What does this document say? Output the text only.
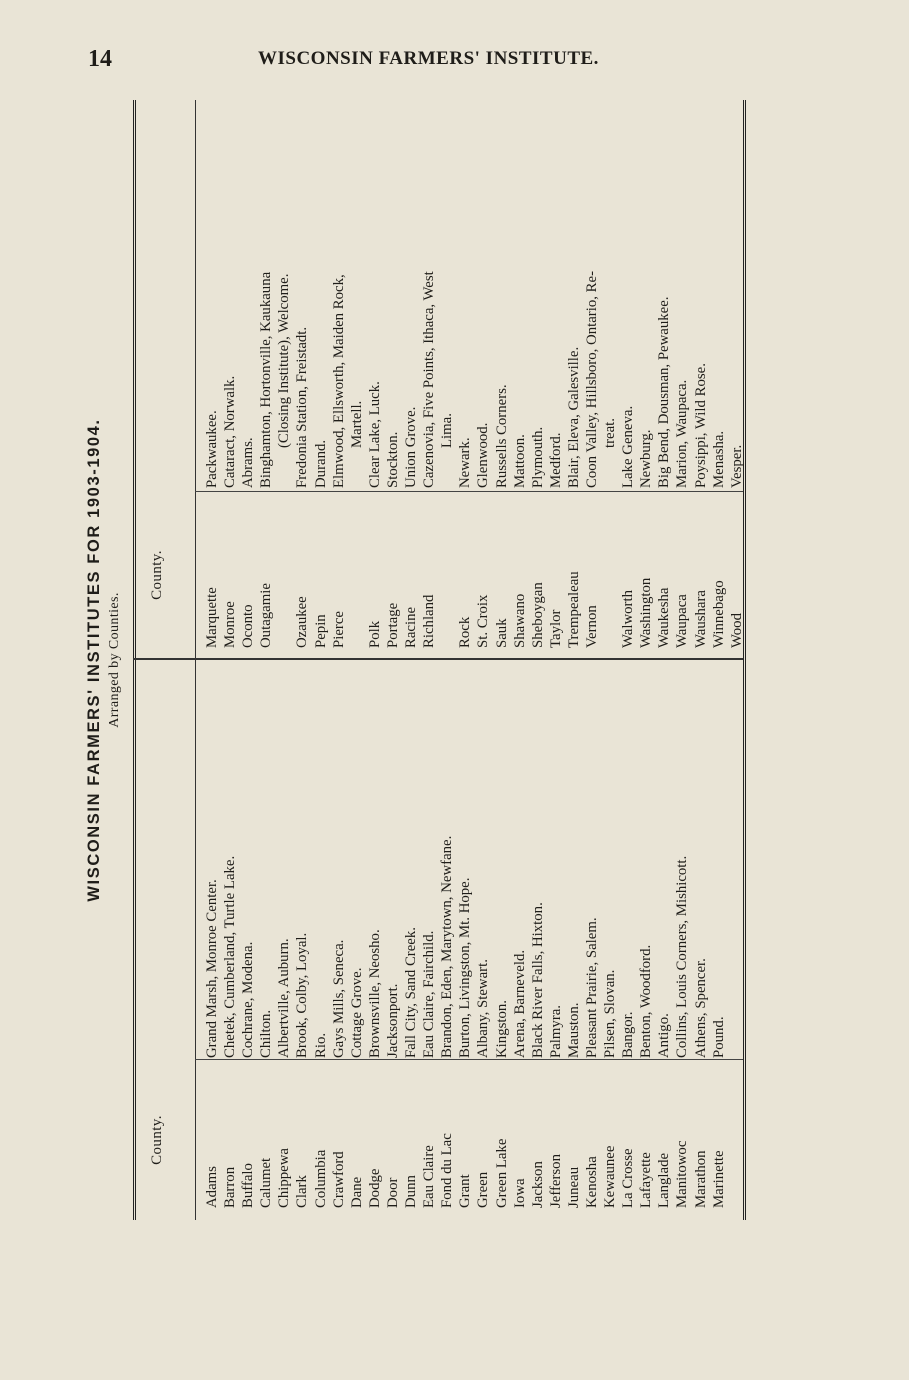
14	WISCONSIN FARMERS' INSTITUTE.
WISCONSIN FARMERS' INSTITUTES FOR 1903-1904. Arranged by Counties.
County.
County.
Adams
Grand Marsh, Monroe Center.
Barron
Chetek, Cumberland, Turtle Lake.
Buffalo
Cochrane, Modena.
Calumet
Chilton.
Chippewa
Albertville, Auburn.
Clark
Brook, Colby, Loyal.
Columbia
Rio.
Crawford
Gays Mills, Seneca.
Dane
Cottage Grove.
Dodge
Brownsville, Neosho.
Door
Jacksonport.
Dunn
Fall City, Sand Creek.
Eau Claire
Eau Claire, Fairchild.
Fond du Lac
Brandon, Eden, Marytown, Newfane.
Grant
Burton, Livingston, Mt. Hope.
Green
Albany, Stewart.
Green Lake
Kingston.
Iowa
Arena, Barneveld.
Jackson
Black River Falls, Hixton.
Jefferson
Palmyra.
Juneau
Mauston.
Kenosha
Pleasant Prairie, Salem.
Kewaunee
Pilsen, Slovan.
La Crosse
Bangor.
Lafayette
Benton, Woodford.
Langlade
Antigo.
Manitowoc
Collins, Louis Corners, Mishicott.
Marathon
Athens, Spencer.
Marinette
Pound.
Marquette
Packwaukee.
Monroe
Cataract, Norwalk.
Oconto
Abrams.
Outagamie
Binghamton, Hortonville, Kaukauna (Closing Institute), Welcome.
Ozaukee
Fredonia Station, Freistadt.
Pepin
Durand.
Pierce
Elmwood, Ellsworth, Maiden Rock, Martell.
Polk
Clear Lake, Luck.
Portage
Stockton.
Racine
Union Grove.
Richland
Cazenovia, Five Points, Ithaca, West Lima.
Rock
Newark.
St. Croix
Glenwood.
Sauk
Russells Corners.
Shawano
Mattoon.
Sheboygan
Plymouth.
Taylor
Medford.
Trempealeau
Blair, Eleva, Galesville.
Vernon
Coon Valley, Hillsboro, Ontario, Re- treat.
Walworth
Lake Geneva.
Washington
Newburg.
Waukesha
Big Bend, Dousman, Pewaukee.
Waupaca
Marion, Waupaca.
Waushara
Poysippi, Wild Rose.
Winnebago
Menasha.
Wood
Vesper.
